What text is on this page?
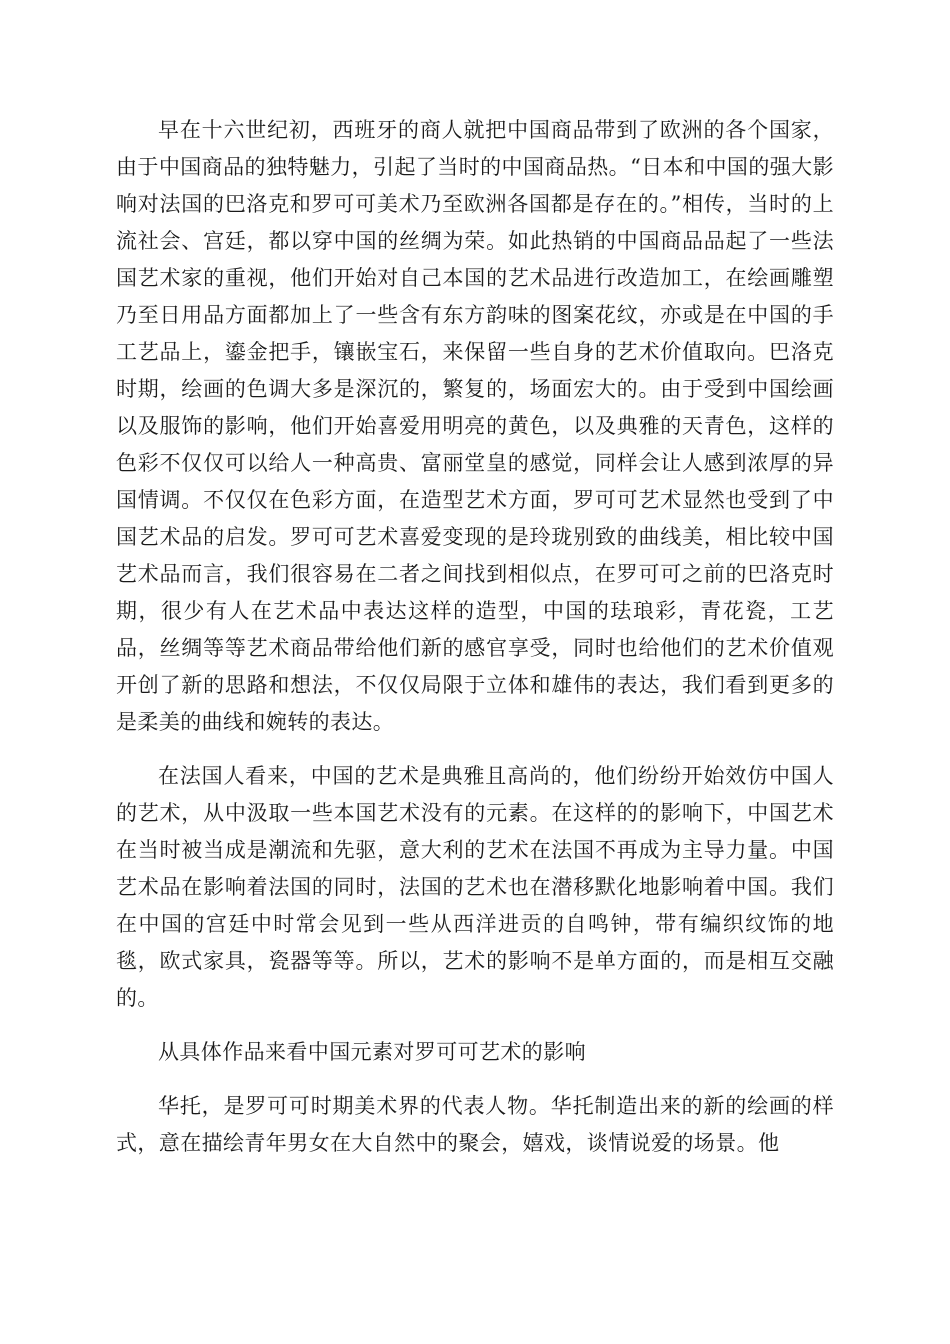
早在十六世纪初，西班牙的商人就把中国商品带到了欧洲的各个国家，由于中国商品的独特魅力，引起了当时的中国商品热。“日本和中国的强大影响对法国的巴洛克和罗可可美术乃至欧洲各国都是存在的。”相传，当时的上流社会、宫廷，都以穿中国的丝绸为荣。如此热销的中国商品品起了一些法国艺术家的重视，他们开始对自己本国的艺术品进行改造加工，在绘画雕塑乃至日用品方面都加上了一些含有东方韵味的图案花纹，亦或是在中国的手工艺品上，鎏金把手，镶嵌宝石，来保留一些自身的艺术价值取向。巴洛克时期，绘画的色调大多是深沉的，繁复的，场面宏大的。由于受到中国绘画以及服饰的影响，他们开始喜爱用明亮的黄色，以及典雅的天青色，这样的色彩不仅仅可以给人一种高贵、富丽堂皇的感觉，同样会让人感到浓厚的异国情调。不仅仅在色彩方面，在造型艺术方面，罗可可艺术显然也受到了中国艺术品的启发。罗可可艺术喜爱变现的是玲珑别致的曲线美，相比较中国艺术品而言，我们很容易在二者之间找到相似点，在罗可可之前的巴洛克时期，很少有人在艺术品中表达这样的造型，中国的珐琅彩，青花瓷，工艺品，丝绸等等艺术商品带给他们新的感官享受，同时也给他们的艺术价值观开创了新的思路和想法，不仅仅局限于立体和雄伟的表达，我们看到更多的是柔美的曲线和婉转的表达。

在法国人看来，中国的艺术是典雅且高尚的，他们纷纷开始效仿中国人的艺术，从中汲取一些本国艺术没有的元素。在这样的的影响下，中国艺术在当时被当成是潮流和先驱，意大利的艺术在法国不再成为主导力量。中国艺术品在影响着法国的同时，法国的艺术也在潜移默化地影响着中国。我们在中国的宫廷中时常会见到一些从西洋进贡的自鸣钟，带有编织纹饰的地毯，欧式家具，瓷器等等。所以，艺术的影响不是单方面的，而是相互交融的。

从具体作品来看中国元素对罗可可艺术的影响

华托，是罗可可时期美术界的代表人物。华托制造出来的新的绘画的样式，意在描绘青年男女在大自然中的聚会，嬉戏，谈情说爱的场景。他
